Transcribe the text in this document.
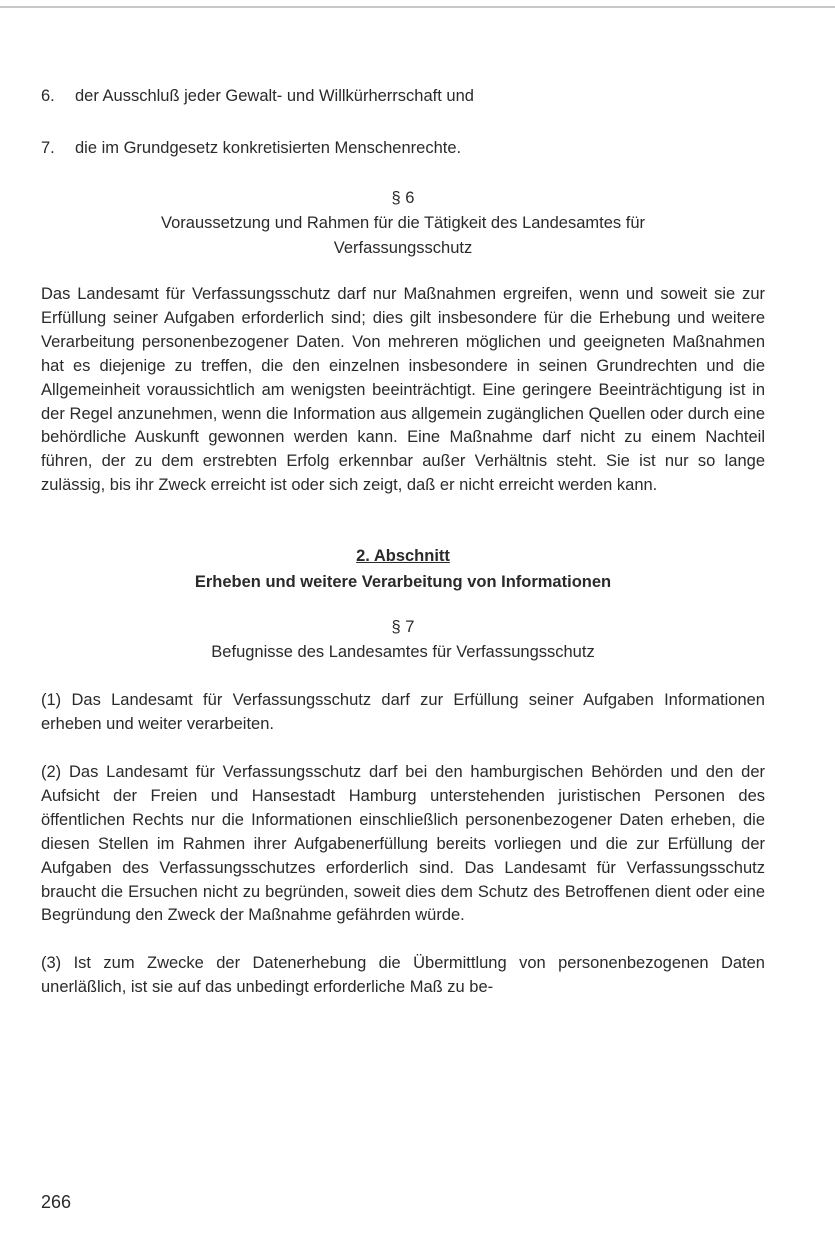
6.	der Ausschluß jeder Gewalt- und Willkürherrschaft und
7.	die im Grundgesetz konkretisierten Menschenrechte.
§ 6
Voraussetzung und Rahmen für die Tätigkeit des Landesamtes für
Verfassungsschutz

Das Landesamt für Verfassungsschutz darf nur Maßnahmen ergreifen, wenn und soweit sie zur Erfüllung seiner Aufgaben erforderlich sind; dies gilt insbesondere für die Erhebung und weitere Verarbeitung personenbezogener Daten. Von mehreren möglichen und geeigneten Maßnahmen hat es diejenige zu treffen, die den einzelnen insbesondere in seinen Grundrechten und die Allgemeinheit voraussichtlich am wenigsten beeinträchtigt. Eine geringere Beeinträchtigung ist in der Regel anzunehmen, wenn die Information aus allgemein zugänglichen Quellen oder durch eine behördliche Auskunft gewonnen werden kann. Eine Maßnahme darf nicht zu einem Nachteil führen, der zu dem erstrebten Erfolg erkennbar außer Verhältnis steht. Sie ist nur so lange zulässig, bis ihr Zweck erreicht ist oder sich zeigt, daß er nicht erreicht werden kann.

2. Abschnitt
Erheben und weitere Verarbeitung von Informationen
§ 7
Befugnisse des Landesamtes für Verfassungsschutz

(1) Das Landesamt für Verfassungsschutz darf zur Erfüllung seiner Aufgaben Informationen erheben und weiter verarbeiten.

(2) Das Landesamt für Verfassungsschutz darf bei den hamburgischen Behörden und den der Aufsicht der Freien und Hansestadt Hamburg unterstehenden juristischen Personen des öffentlichen Rechts nur die Informationen einschließlich personenbezogener Daten erheben, die diesen Stellen im Rahmen ihrer Aufgabenerfüllung bereits vorliegen und die zur Erfüllung der Aufgaben des Verfassungsschutzes erforderlich sind. Das Landesamt für Verfassungsschutz braucht die Ersuchen nicht zu begründen, soweit dies dem Schutz des Betroffenen dient oder eine Begründung den Zweck der Maßnahme gefährden würde.

(3) Ist zum Zwecke der Datenerhebung die Übermittlung von personenbezogenen Daten unerläßlich, ist sie auf das unbedingt erforderliche Maß zu be-

266
